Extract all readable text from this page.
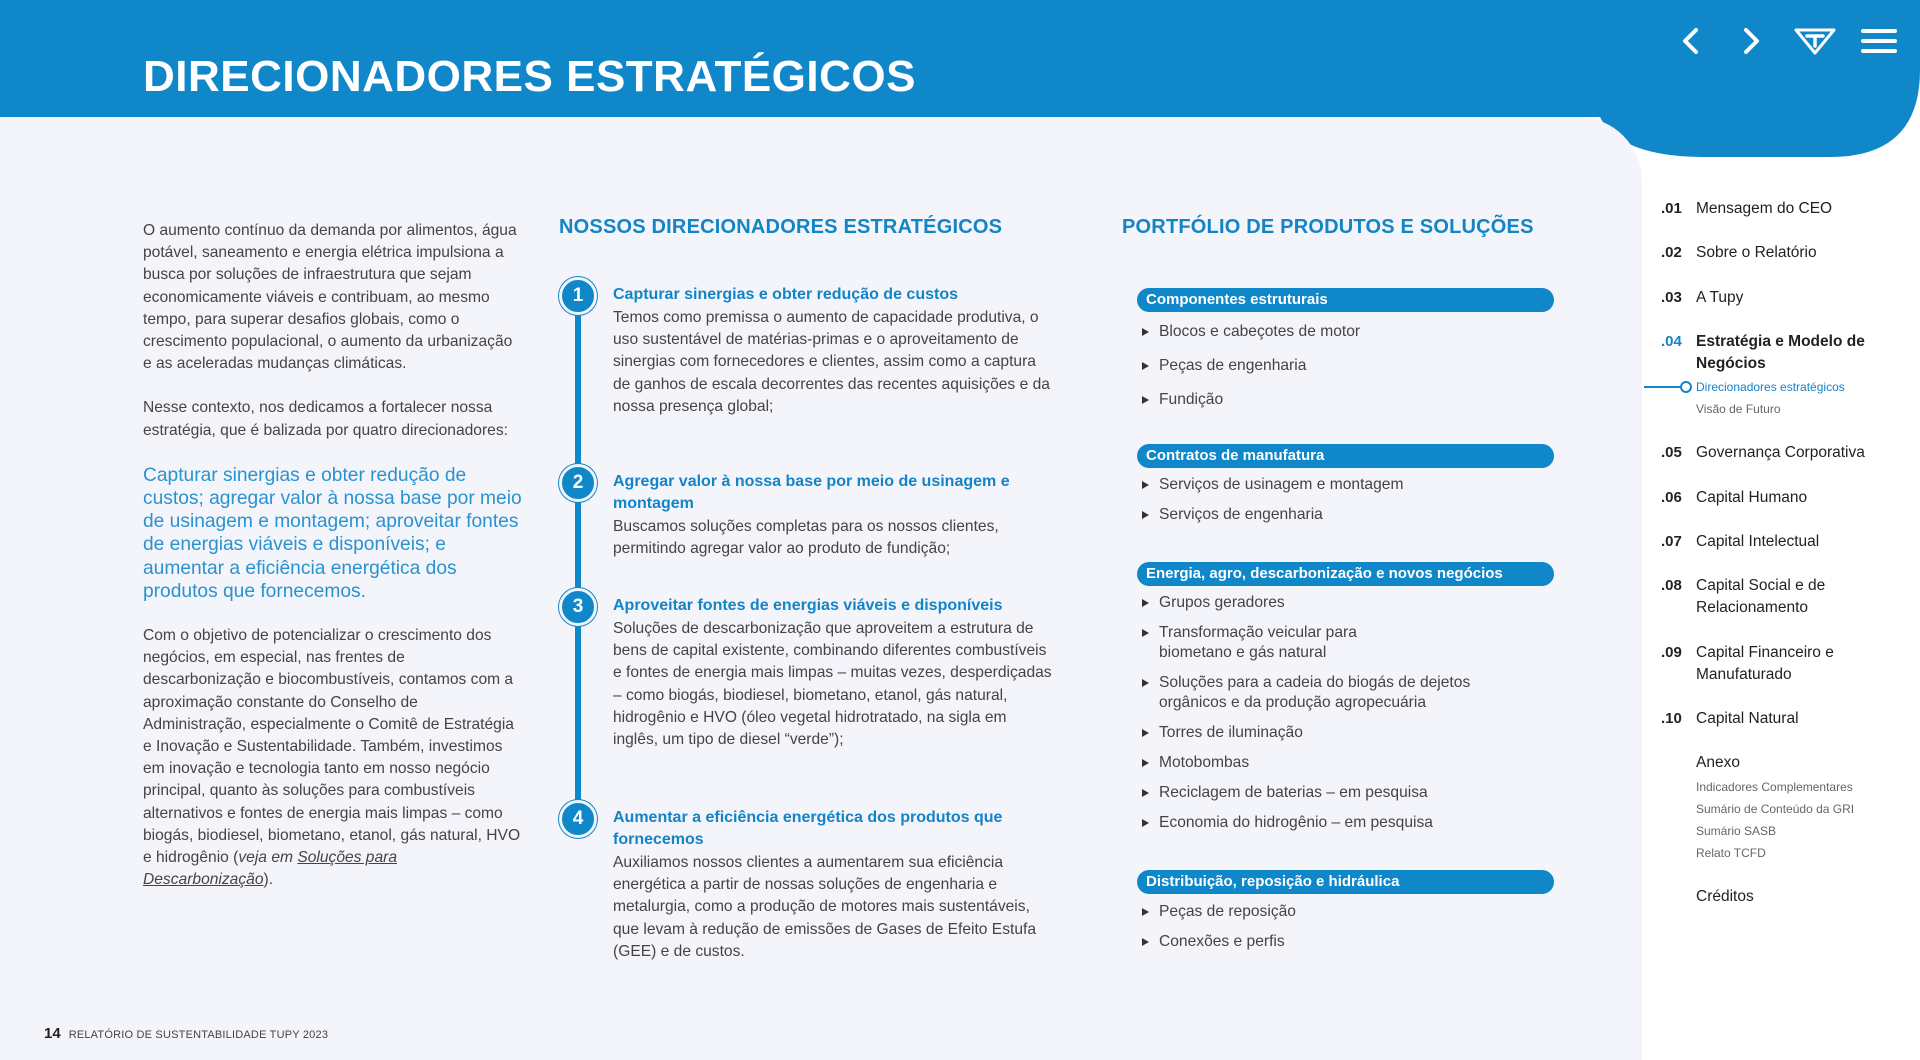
DIRECIONADORES ESTRATÉGICOS

O aumento contínuo da demanda por alimentos, água potável, saneamento e energia elétrica impulsiona a busca por soluções de infraestrutura que sejam economicamente viáveis e contribuam, ao mesmo tempo, para superar desafios globais, como o crescimento populacional, o aumento da urbanização e as aceleradas mudanças climáticas.

Nesse contexto, nos dedicamos a fortalecer nossa estratégia, que é balizada por quatro direcionadores:

Capturar sinergias e obter redução de custos; agregar valor à nossa base por meio de usinagem e montagem; aproveitar fontes de energias viáveis e disponíveis; e aumentar a eficiência energética dos produtos que fornecemos.

Com o objetivo de potencializar o crescimento dos negócios, em especial, nas frentes de descarbonização e biocombustíveis, contamos com a aproximação constante do Conselho de Administração, especialmente o Comitê de Estratégia e Inovação e Sustentabilidade. Também, investimos em inovação e tecnologia tanto em nosso negócio principal, quanto às soluções para combustíveis alternativos e fontes de energia mais limpas – como biogás, biodiesel, biometano, etanol, gás natural, HVO e hidrogênio (veja em Soluções para Descarbonização).

NOSSOS DIRECIONADORES ESTRATÉGICOS
1	Capturar sinergias e obter redução de custos
Temos como premissa o aumento de capacidade produtiva, o uso sustentável de matérias-primas e o aproveitamento de sinergias com fornecedores e clientes, assim como a captura de ganhos de escala decorrentes das recentes aquisições e da nossa presença global;
2	Agregar valor à nossa base por meio de usinagem e montagem
Buscamos soluções completas para os nossos clientes, permitindo agregar valor ao produto de fundição;
3	Aproveitar fontes de energias viáveis e disponíveis
Soluções de descarbonização que aproveitem a estrutura de bens de capital existente, combinando diferentes combustíveis e fontes de energia mais limpas – muitas vezes, desperdiçadas – como biogás, biodiesel, biometano, etanol, gás natural, hidrogênio e HVO (óleo vegetal hidrotratado, na sigla em inglês, um tipo de diesel “verde”);
4	Aumentar a eficiência energética dos produtos que fornecemos
Auxiliamos nossos clientes a aumentarem sua eficiência energética a partir de nossas soluções de engenharia e metalurgia, como a produção de motores mais sustentáveis, que levam à redução de emissões de Gases de Efeito Estufa (GEE) e de custos.
PORTFÓLIO DE PRODUTOS E SOLUÇÕES
Componentes estruturais
Blocos e cabeçotes de motor
Peças de engenharia
Fundição
Contratos de manufatura
Serviços de usinagem e montagem
Serviços de engenharia
Energia, agro, descarbonização e novos negócios
Grupos geradores
Transformação veicular para biometano e gás natural
Soluções para a cadeia do biogás de dejetos orgânicos e da produção agropecuária
Torres de iluminação
Motobombas
Reciclagem de baterias – em pesquisa
Economia do hidrogênio – em pesquisa
Distribuição, reposição e hidráulica
Peças de reposição
Conexões e perfis
.01 Mensagem do CEO
.02 Sobre o Relatório
.03 A Tupy
.04 Estratégia e Modelo de Negócios
Direcionadores estratégicos
Visão de Futuro
.05 Governança Corporativa
.06 Capital Humano
.07 Capital Intelectual
.08 Capital Social e de Relacionamento
.09 Capital Financeiro e Manufaturado
.10 Capital Natural
Anexo
Indicadores Complementares
Sumário de Conteúdo da GRI
Sumário SASB
Relato TCFD
Créditos
14 RELATÓRIO DE SUSTENTABILIDADE TUPY 2023
